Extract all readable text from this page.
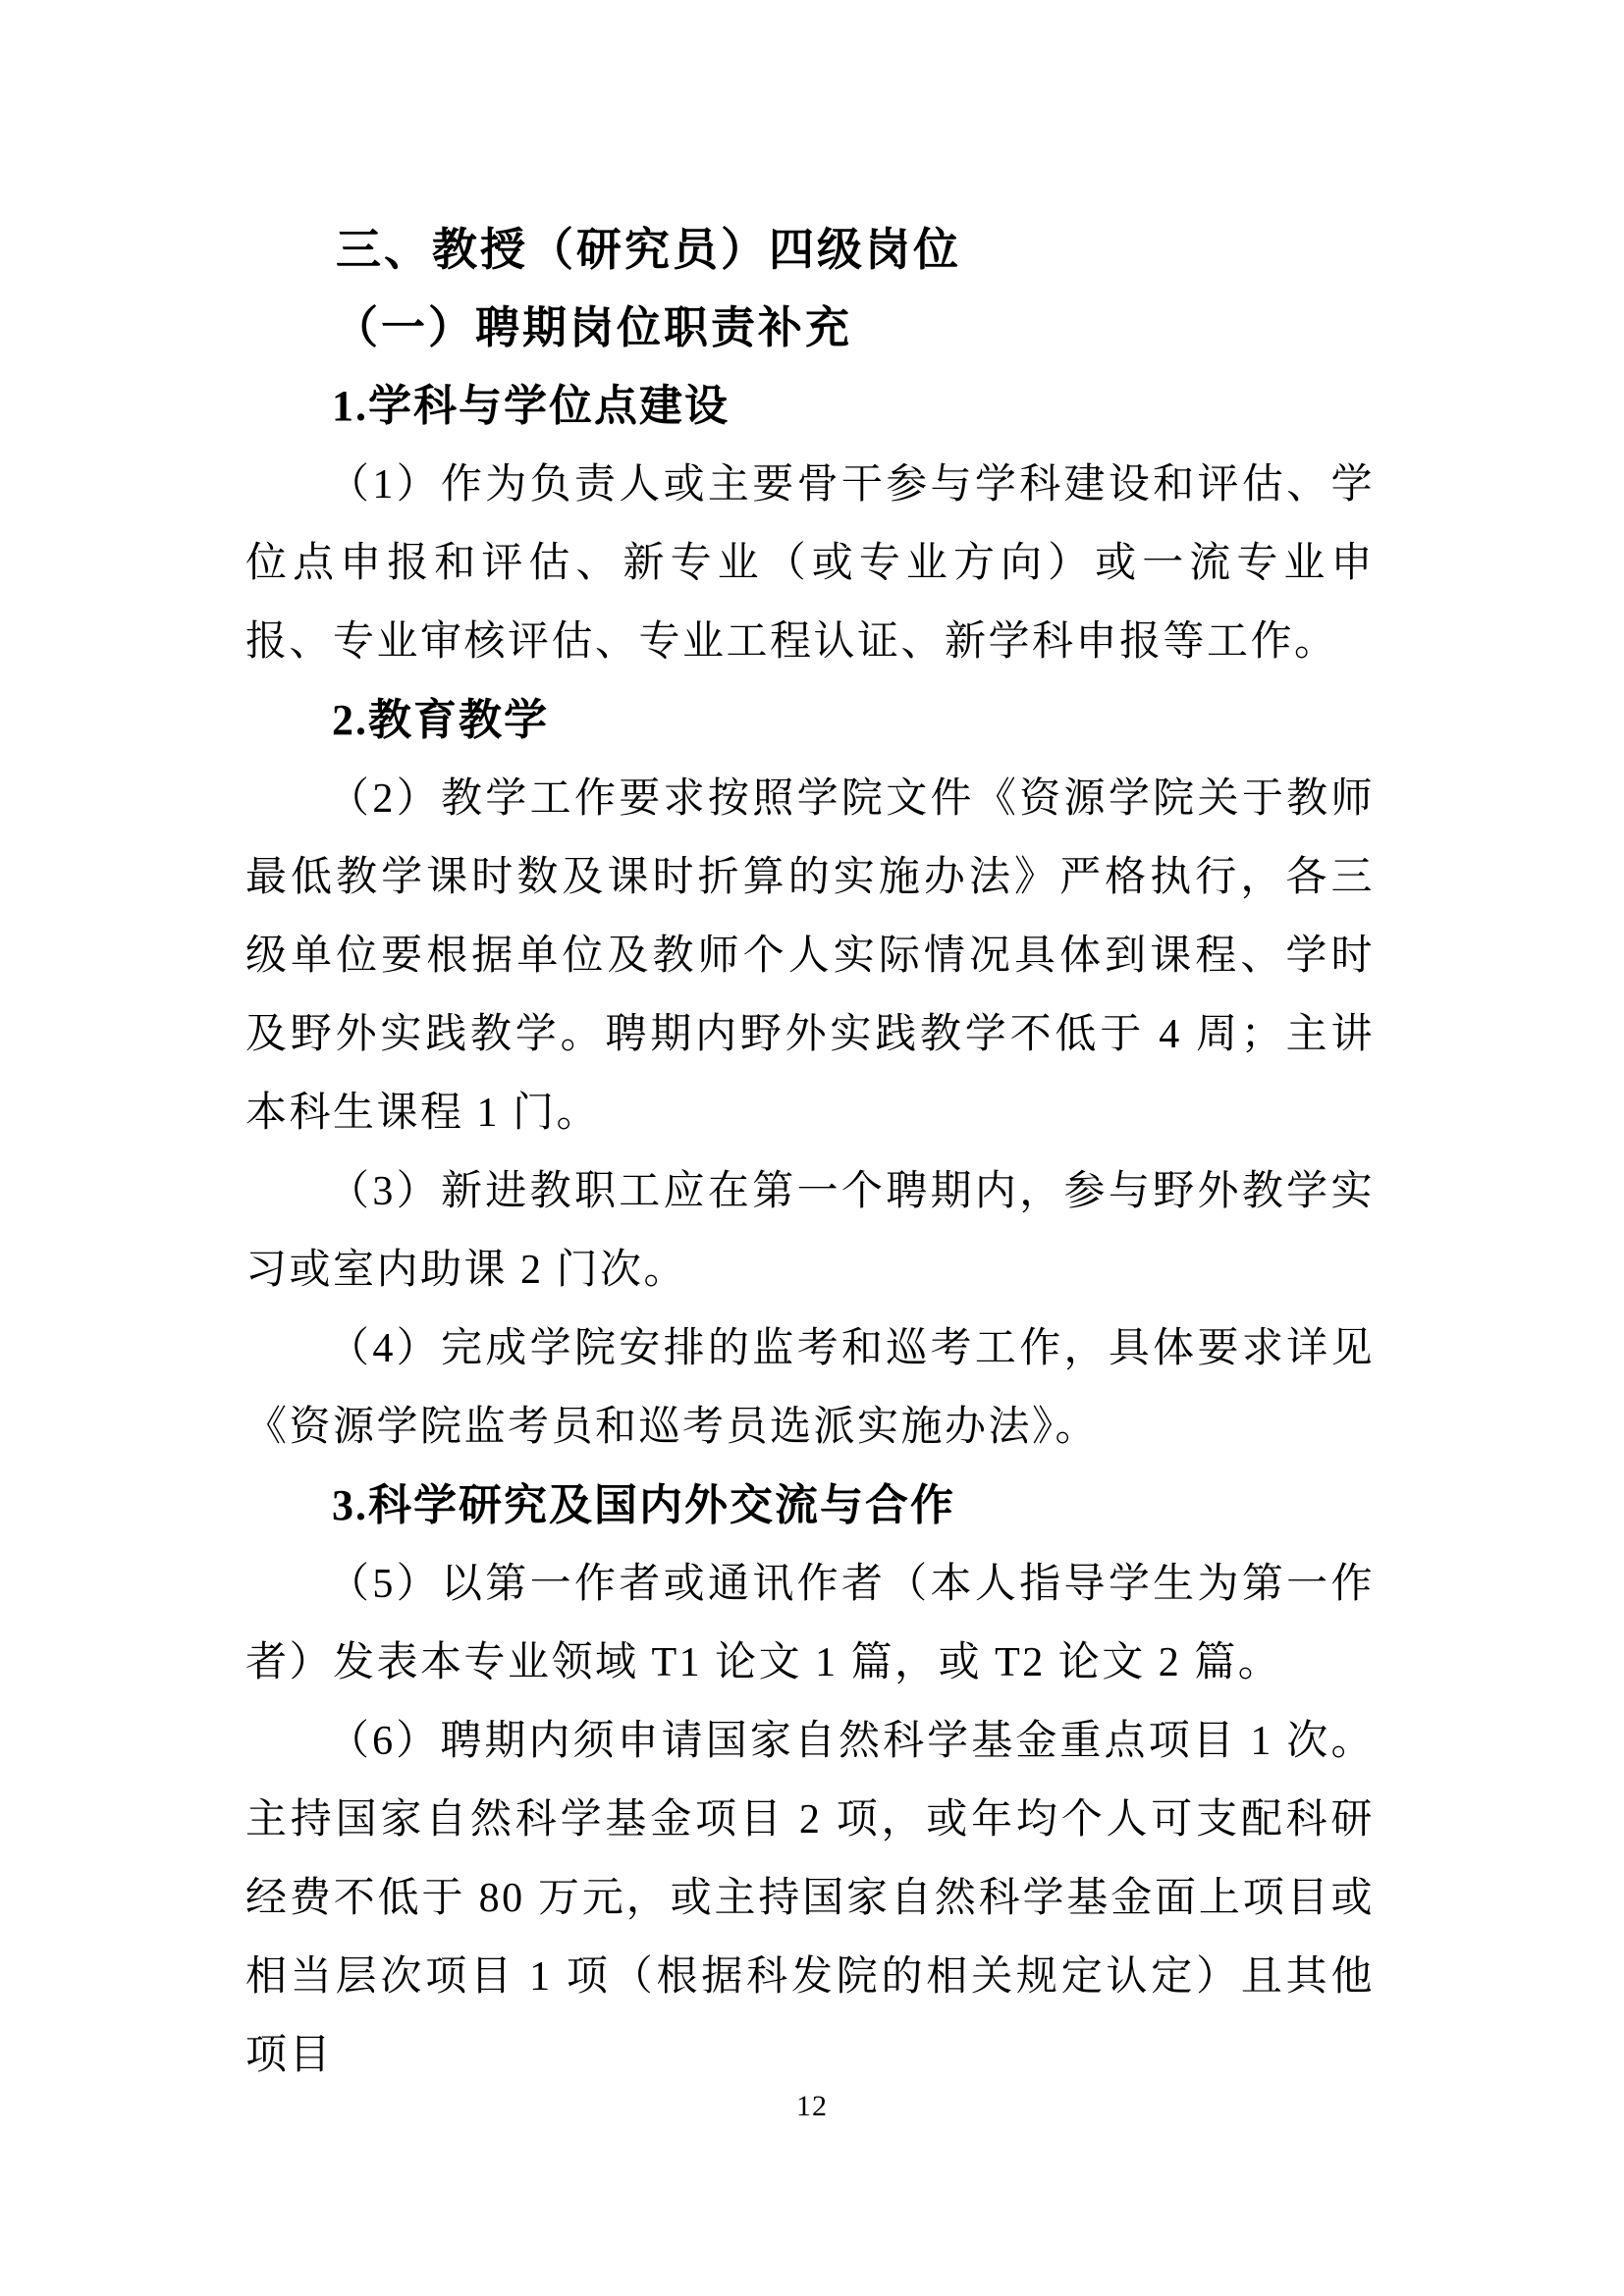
三、教授（研究员）四级岗位
（一）聘期岗位职责补充
1.学科与学位点建设

（1）作为负责人或主要骨干参与学科建设和评估、学位点申报和评估、新专业（或专业方向）或一流专业申报、专业审核评估、专业工程认证、新学科申报等工作。

2.教育教学

（2）教学工作要求按照学院文件《资源学院关于教师最低教学课时数及课时折算的实施办法》严格执行，各三级单位要根据单位及教师个人实际情况具体到课程、学时及野外实践教学。聘期内野外实践教学不低于 4 周；主讲本科生课程 1 门。

（3）新进教职工应在第一个聘期内，参与野外教学实习或室内助课 2 门次。

（4）完成学院安排的监考和巡考工作，具体要求详见《资源学院监考员和巡考员选派实施办法》。

3.科学研究及国内外交流与合作

（5）以第一作者或通讯作者（本人指导学生为第一作者）发表本专业领域 T1 论文 1 篇，或 T2 论文 2 篇。

（6）聘期内须申请国家自然科学基金重点项目 1 次。主持国家自然科学基金项目 2 项，或年均个人可支配科研经费不低于 80 万元，或主持国家自然科学基金面上项目或相当层次项目 1 项（根据科发院的相关规定认定）且其他项目

12
